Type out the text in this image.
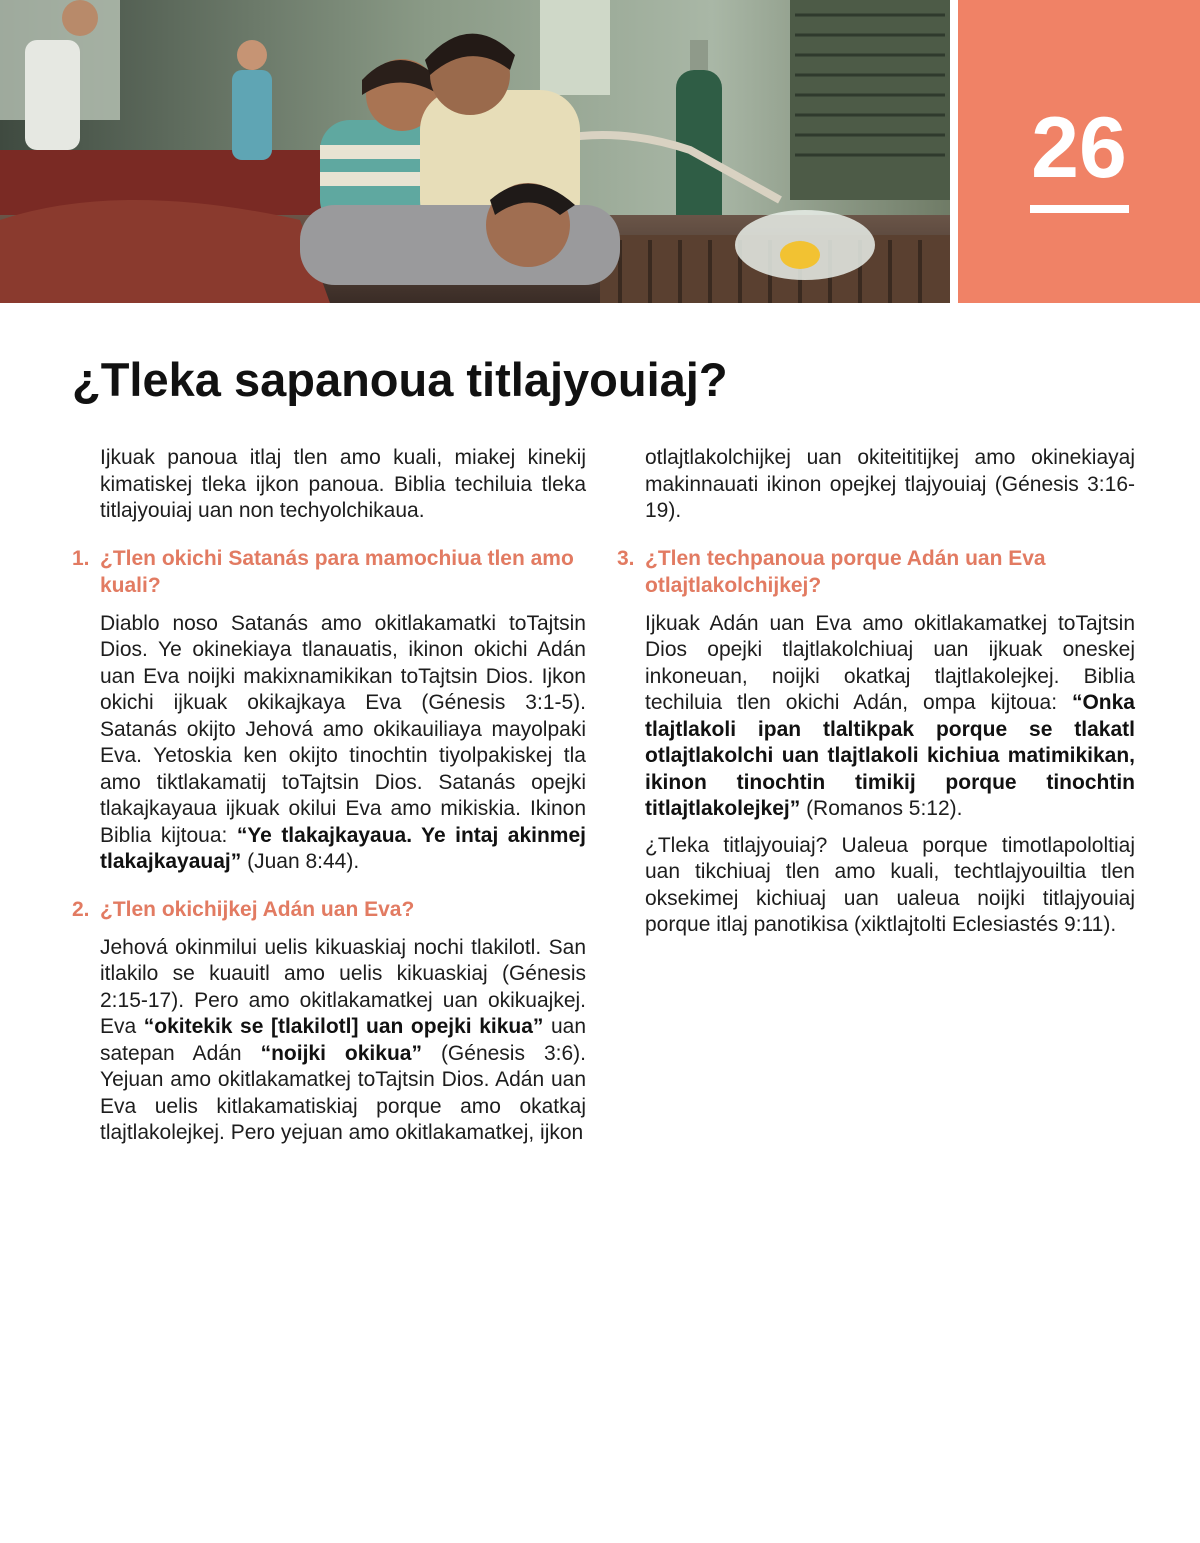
26
¿Tleka sapanoua titlajyouiaj?

Ijkuak panoua itlaj tlen amo kuali, miakej kinekij kimatiskej tleka ijkon panoua. Biblia techiluia tleka titlajyouiaj uan non techyolchikaua.

1. ¿Tlen okichi Satanás para mamochiua tlen amo kuali?

Diablo noso Satanás amo okitlakamatki toTajtsin Dios. Ye okinekiaya tlanauatis, ikinon okichi Adán uan Eva noijki makixnamikikan toTajtsin Dios. Ijkon okichi ijkuak okikajkaya Eva (Génesis 3:1-5). Satanás okijto Jehová amo okikauiliaya mayolpaki Eva. Yetoskia ken okijto tinochtin tiyolpakiskej tla amo tiktlakamatij toTajtsin Dios. Satanás opejki tlakajkayaua ijkuak okilui Eva amo mikiskia. Ikinon Biblia kijtoua: “Ye tlakajkayaua. Ye intaj akinmej tlakajkayauaj” (Juan 8:44).

2. ¿Tlen okichijkej Adán uan Eva?

Jehová okinmilui uelis kikuaskiaj nochi tlakilotl. San itlakilo se kuauitl amo uelis kikuaskiaj (Génesis 2:15-17). Pero amo okitlakamatkej uan okikuajkej. Eva “okitekik se [tlakilotl] uan opejki kikua” uan satepan Adán “noijki okikua” (Génesis 3:6). Yejuan amo okitlakamatkej toTajtsin Dios. Adán uan Eva uelis kitlakamatiskiaj porque amo okatkaj tlajtlakolejkej. Pero yejuan amo okitlakamatkej, ijkon

otlajtlakolchijkej uan okiteititijkej amo okinekiayaj makinnauati ikinon opejkej tlajyouiaj (Génesis 3:16-19).

3. ¿Tlen techpanoua porque Adán uan Eva otlajtlakolchijkej?

Ijkuak Adán uan Eva amo okitlakamatkej toTajtsin Dios opejki tlajtlakolchiuaj uan ijkuak oneskej inkoneuan, noijki okatkaj tlajtlakolejkej. Biblia techiluia tlen okichi Adán, ompa kijtoua: “Onka tlajtlakoli ipan tlaltikpak porque se tlakatl otlajtlakolchi uan tlajtlakoli kichiua matimikikan, ikinon tinochtin timikij porque tinochtin titlajtlakolejkej” (Romanos 5:12).

¿Tleka titlajyouiaj? Ualeua porque timotlapololtiaj uan tikchiuaj tlen amo kuali, techtlajyouiltia tlen oksekimej kichiuaj uan ualeua noijki titlajyouiaj porque itlaj panotikisa (xiktlajtolti Eclesiastés 9:11).
